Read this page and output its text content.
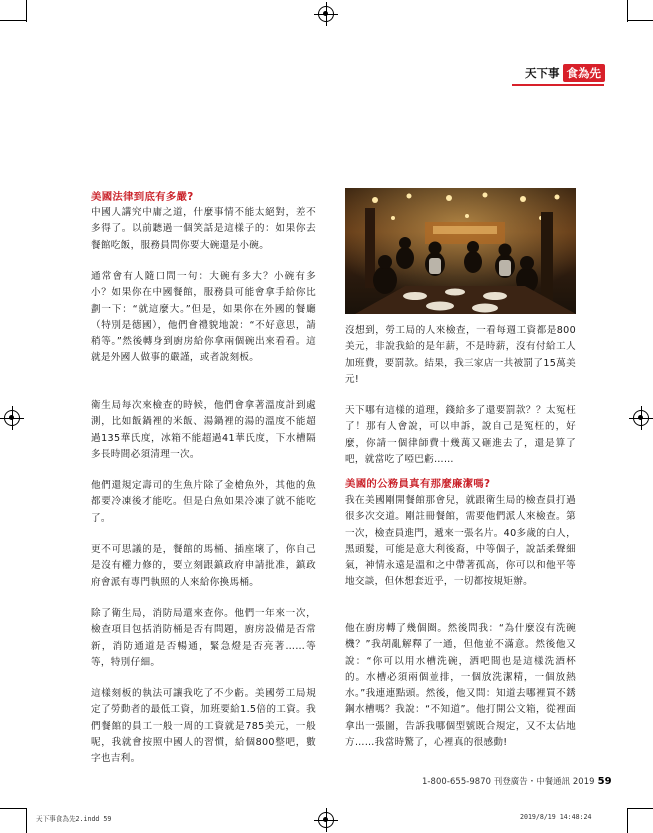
天下事 食為先
美國法律到底有多嚴?
中國人講究中庸之道，什麼事情不能太絕對，差不多得了。以前聽過一個笑話是這樣子的：如果你去餐館吃飯，服務員問你要大碗還是小碗。
通常會有人隨口問一句：大碗有多大？小碗有多小？如果你在中國餐館，服務員可能會拿手給你比劃一下：“就這麼大。”但是，如果你在外國的餐廳（特別是德國），他們會禮貌地說：“不好意思，請稍等。”然後轉身到廚房給你拿兩個碗出來看看。這就是外國人做事的嚴謹，或者說刻板。
衛生局每次來檢查的時候，他們會拿著溫度計到處測，比如飯鍋裡的米飯、湯鍋裡的湯的溫度不能超過135華氏度，冰箱不能超過41華氏度，下水槽隔多長時間必須清理一次。
他們還規定壽司的生魚片除了金槍魚外，其他的魚都要冷凍後才能吃。但是白魚如果冷凍了就不能吃了。
更不可思議的是，餐館的馬桶、插座壞了，你自己是沒有權力修的，要立刻跟鎮政府申請批准，鎮政府會派有專門執照的人來給你換馬桶。
除了衛生局，消防局還來查你。他們一年來一次，檢查項目包括消防桶是否有問題，廚房設備是否常新，消防通道是否暢通，緊急燈是否亮著……等等，特別仔細。
這樣刻板的執法可讓我吃了不少虧。美國勞工局規定了勞動者的最低工資，加班要給1.5倍的工資。我們餐館的員工一般一周的工資就是785美元，一般呢，我就會按照中國人的習慣，給個800整吧，數字也吉利。
沒想到，勞工局的人來檢查，一看每週工資都是800美元，非說我給的是年薪，不是時薪，沒有付給工人加班費，要罰款。結果，我三家店一共被罰了15萬美元!
天下哪有這樣的道理，錢給多了還要罰款？？太冤枉了！那有人會說，可以申訴，說自己是冤枉的，好麼，你請一個律師費十幾萬又砸進去了，還是算了吧，就當吃了啞巴虧……
美國的公務員真有那麼廉潔嗎?
我在美國剛開餐館那會兒，就跟衛生局的檢查員打過很多次交道。剛註冊餐館，需要他們派人來檢查。第一次，檢查員進門，遞來一張名片。40多歲的白人，黑頭髮，可能是意大利後裔，中等個子，說話柔聲細氣，神情永遠是溫和之中帶著孤高，你可以和他平等地交談，但休想套近乎，一切都按規矩辦。
他在廚房轉了幾個圈。然後問我：“為什麼沒有洗碗機？”我胡亂解釋了一通，但他並不滿意。然後他又說：“你可以用水槽洗碗，洒吧間也是這樣洗酒杯的。水槽必須兩個並排，一個放洗潔精，一個放熱水。”我連連點頭。然後，他又問：知道去哪裡買不銹鋼水槽嗎？我說：“不知道”。他打開公文箱，從裡面拿出一張圖，告訴我哪個型號既合規定，又不太佔地方……我當時驚了，心裡真的很感動!
1-800-655-9870 刊登廣告・中餐通訊 2019 59
天下事食為先2.indd 59	2019/8/19 14:48:24
